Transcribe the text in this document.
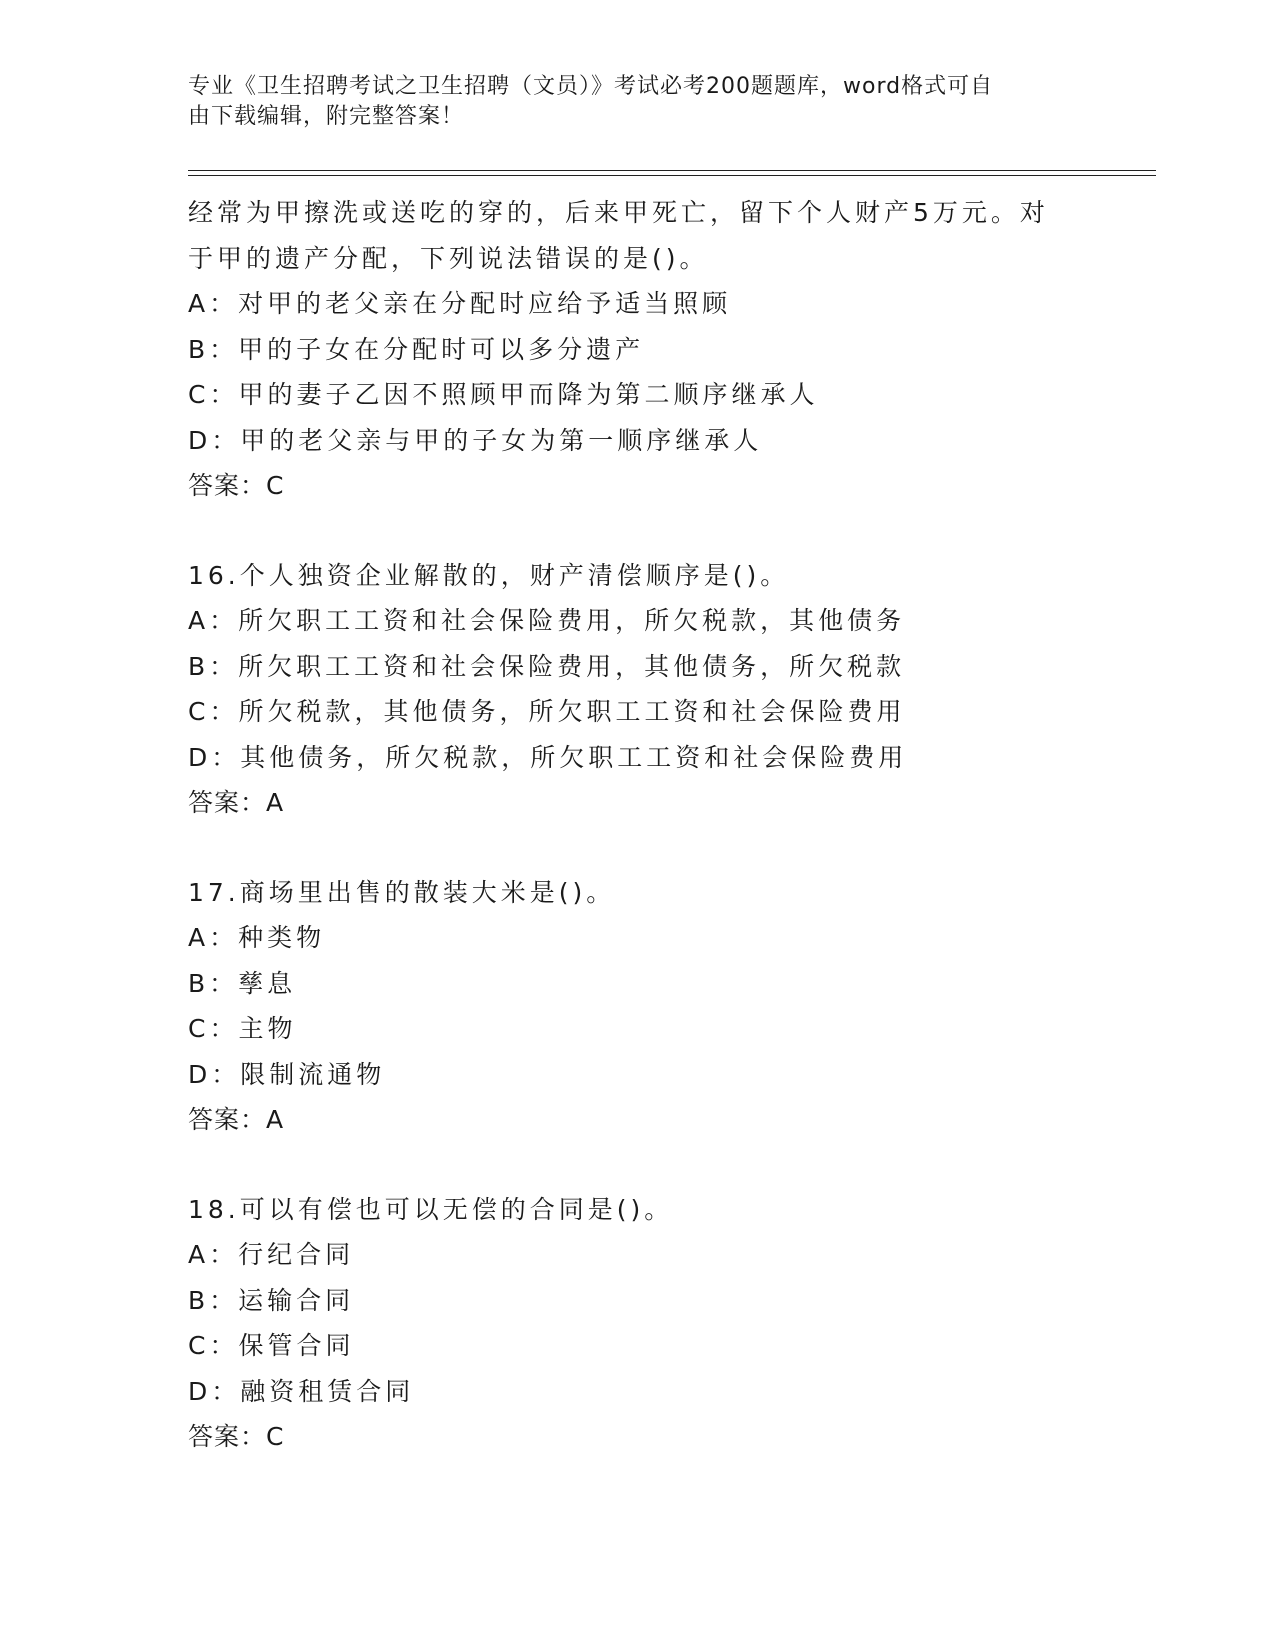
专业《卫生招聘考试之卫生招聘（文员）》考试必考200题题库，word格式可自
由下载编辑，附完整答案！
经常为甲擦洗或送吃的穿的，后来甲死亡，留下个人财产5万元。对
于甲的遗产分配，下列说法错误的是()。
A：对甲的老父亲在分配时应给予适当照顾
B：甲的子女在分配时可以多分遗产
C：甲的妻子乙因不照顾甲而降为第二顺序继承人
D：甲的老父亲与甲的子女为第一顺序继承人
答案：C
16.个人独资企业解散的，财产清偿顺序是()。
A：所欠职工工资和社会保险费用，所欠税款，其他债务
B：所欠职工工资和社会保险费用，其他债务，所欠税款
C：所欠税款，其他债务，所欠职工工资和社会保险费用
D：其他债务，所欠税款，所欠职工工资和社会保险费用
答案：A
17.商场里出售的散装大米是()。
A：种类物
B：孳息
C：主物
D：限制流通物
答案：A
18.可以有偿也可以无偿的合同是()。
A：行纪合同
B：运输合同
C：保管合同
D：融资租赁合同
答案：C
